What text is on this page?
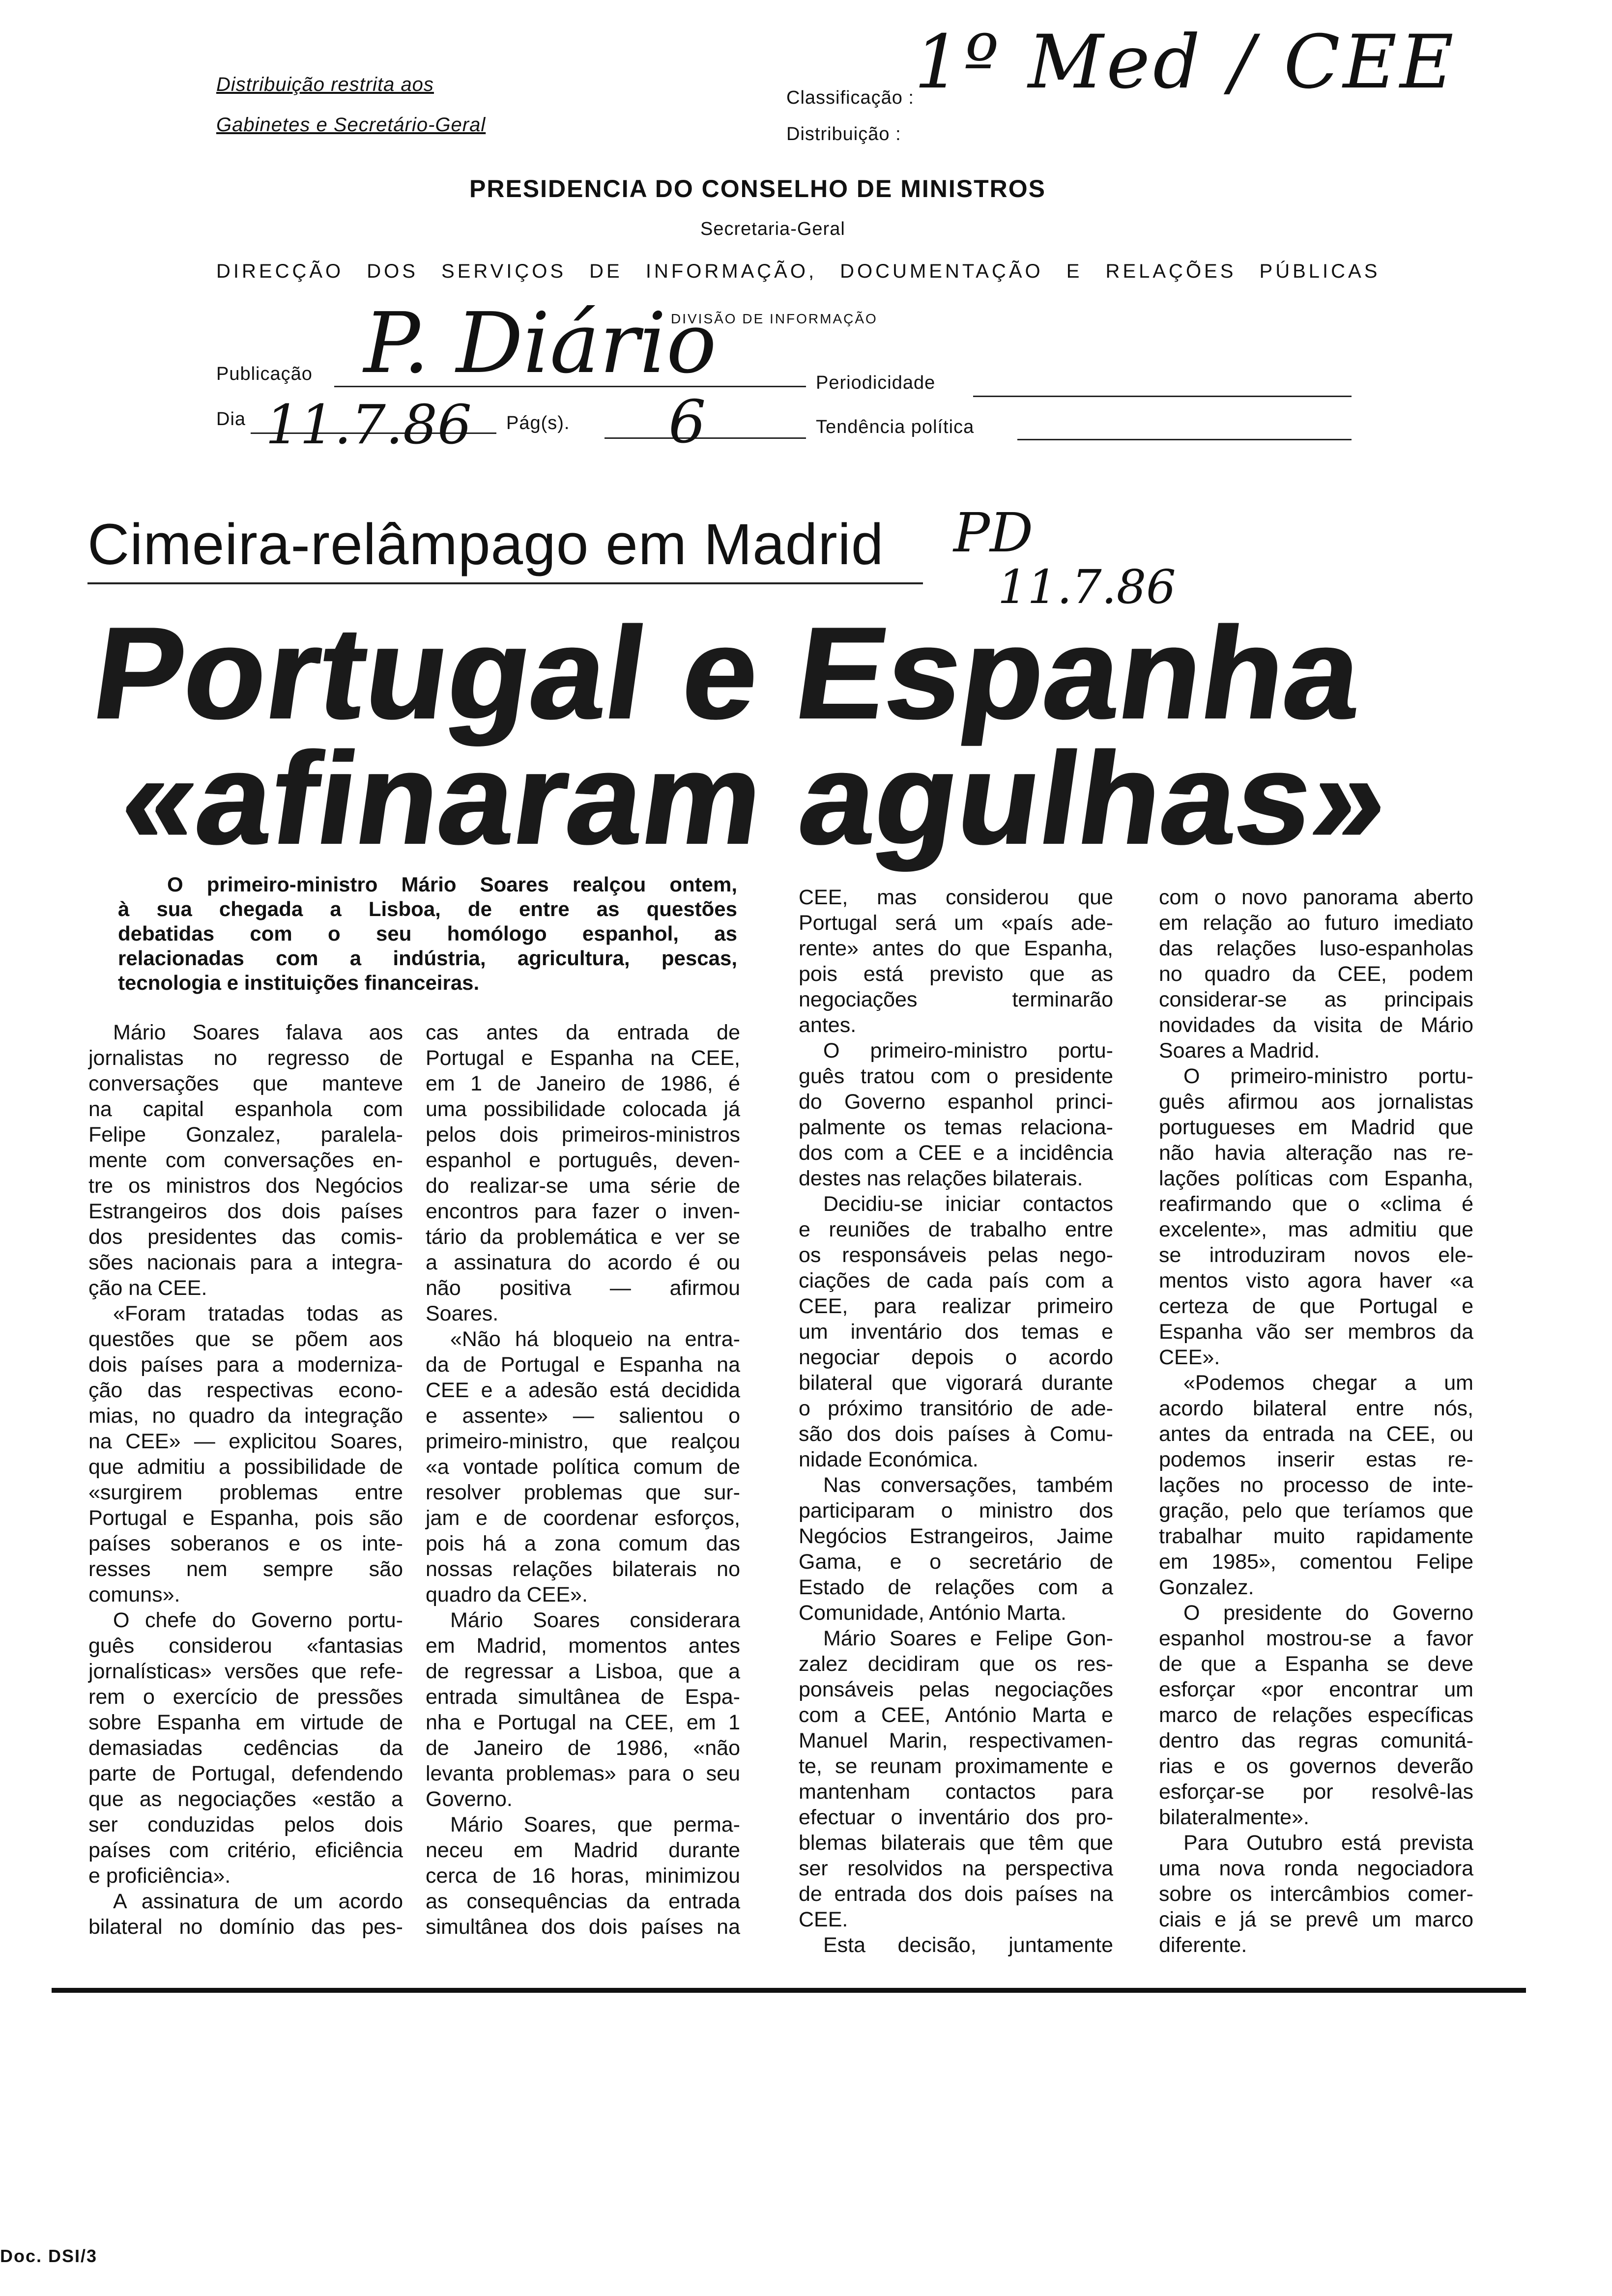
Distribuição restrita aos
Gabinetes e Secretário-Geral
Classificação :
Distribuição :
1º Med / CEE
PRESIDENCIA DO CONSELHO DE MINISTROS
Secretaria-Geral
DIRECÇÃO DOS SERVIÇOS DE INFORMAÇÃO, DOCUMENTAÇÃO E RELAÇÕES PÚBLICAS
DIVISÃO DE INFORMAÇÃO
Publicação P. Diário	Periodicidade
Dia 11.7.86 Pág(s). 6	Tendência política
Cimeira-relâmpago em Madrid PD
11.7.86
Portugal e Espanha
«afinaram agulhas»
O primeiro-ministro Mário Soares realçou ontem,
à sua chegada a Lisboa, de entre as questões
debatidas com o seu homólogo espanhol, as
relacionadas com a indústria, agricultura, pescas,
tecnologia e instituições financeiras.
Mário Soares falava aos
jornalistas no regresso de
conversações que manteve
na capital espanhola com
Felipe Gonzalez, paralela-
mente com conversações en-
tre os ministros dos Negócios
Estrangeiros dos dois países
dos presidentes das comis-
sões nacionais para a integra-
ção na CEE.
«Foram tratadas todas as
questões que se põem aos
dois países para a moderniza-
ção das respectivas econo-
mias, no quadro da integração
na CEE» — explicitou Soares,
que admitiu a possibilidade de
«surgirem problemas entre
Portugal e Espanha, pois são
países soberanos e os inte-
resses nem sempre são
comuns».
O chefe do Governo portu-
guês considerou «fantasias
jornalísticas» versões que refe-
rem o exercício de pressões
sobre Espanha em virtude de
demasiadas cedências da
parte de Portugal, defendendo
que as negociações «estão a
ser conduzidas pelos dois
países com critério, eficiência
e proficiência».
A assinatura de um acordo
bilateral no domínio das pes-
cas antes da entrada de
Portugal e Espanha na CEE,
em 1 de Janeiro de 1986, é
uma possibilidade colocada já
pelos dois primeiros-ministros
espanhol e português, deven-
do realizar-se uma série de
encontros para fazer o inven-
tário da problemática e ver se
a assinatura do acordo é ou
não positiva — afirmou
Soares.
«Não há bloqueio na entra-
da de Portugal e Espanha na
CEE e a adesão está decidida
e assente» — salientou o
primeiro-ministro, que realçou
«a vontade política comum de
resolver problemas que sur-
jam e de coordenar esforços,
pois há a zona comum das
nossas relações bilaterais no
quadro da CEE».
Mário Soares considerara
em Madrid, momentos antes
de regressar a Lisboa, que a
entrada simultânea de Espa-
nha e Portugal na CEE, em 1
de Janeiro de 1986, «não
levanta problemas» para o seu
Governo.
Mário Soares, que perma-
neceu em Madrid durante
cerca de 16 horas, minimizou
as consequências da entrada
simultânea dos dois países na
CEE, mas considerou que
Portugal será um «país ade-
rente» antes do que Espanha,
pois está previsto que as
negociações terminarão
antes.
O primeiro-ministro portu-
guês tratou com o presidente
do Governo espanhol princi-
palmente os temas relaciona-
dos com a CEE e a incidência
destes nas relações bilaterais.
Decidiu-se iniciar contactos
e reuniões de trabalho entre
os responsáveis pelas nego-
ciações de cada país com a
CEE, para realizar primeiro
um inventário dos temas e
negociar depois o acordo
bilateral que vigorará durante
o próximo transitório de ade-
são dos dois países à Comu-
nidade Económica.
Nas conversações, também
participaram o ministro dos
Negócios Estrangeiros, Jaime
Gama, e o secretário de
Estado de relações com a
Comunidade, António Marta.
Mário Soares e Felipe Gon-
zalez decidiram que os res-
ponsáveis pelas negociações
com a CEE, António Marta e
Manuel Marin, respectivamen-
te, se reunam proximamente e
mantenham contactos para
efectuar o inventário dos pro-
blemas bilaterais que têm que
ser resolvidos na perspectiva
de entrada dos dois países na
CEE.
Esta decisão, juntamente
com o novo panorama aberto
em relação ao futuro imediato
das relações luso-espanholas
no quadro da CEE, podem
considerar-se as principais
novidades da visita de Mário
Soares a Madrid.
O primeiro-ministro portu-
guês afirmou aos jornalistas
portugueses em Madrid que
não havia alteração nas re-
lações políticas com Espanha,
reafirmando que o «clima é
excelente», mas admitiu que
se introduziram novos ele-
mentos visto agora haver «a
certeza de que Portugal e
Espanha vão ser membros da
CEE».
«Podemos chegar a um
acordo bilateral entre nós,
antes da entrada na CEE, ou
podemos inserir estas re-
lações no processo de inte-
gração, pelo que teríamos que
trabalhar muito rapidamente
em 1985», comentou Felipe
Gonzalez.
O presidente do Governo
espanhol mostrou-se a favor
de que a Espanha se deve
esforçar «por encontrar um
marco de relações específicas
dentro das regras comunitá-
rias e os governos deverão
esforçar-se por resolvê-las
bilateralmente».
Para Outubro está prevista
uma nova ronda negociadora
sobre os intercâmbios comer-
ciais e já se prevê um marco
diferente.
Doc. DSI/3
